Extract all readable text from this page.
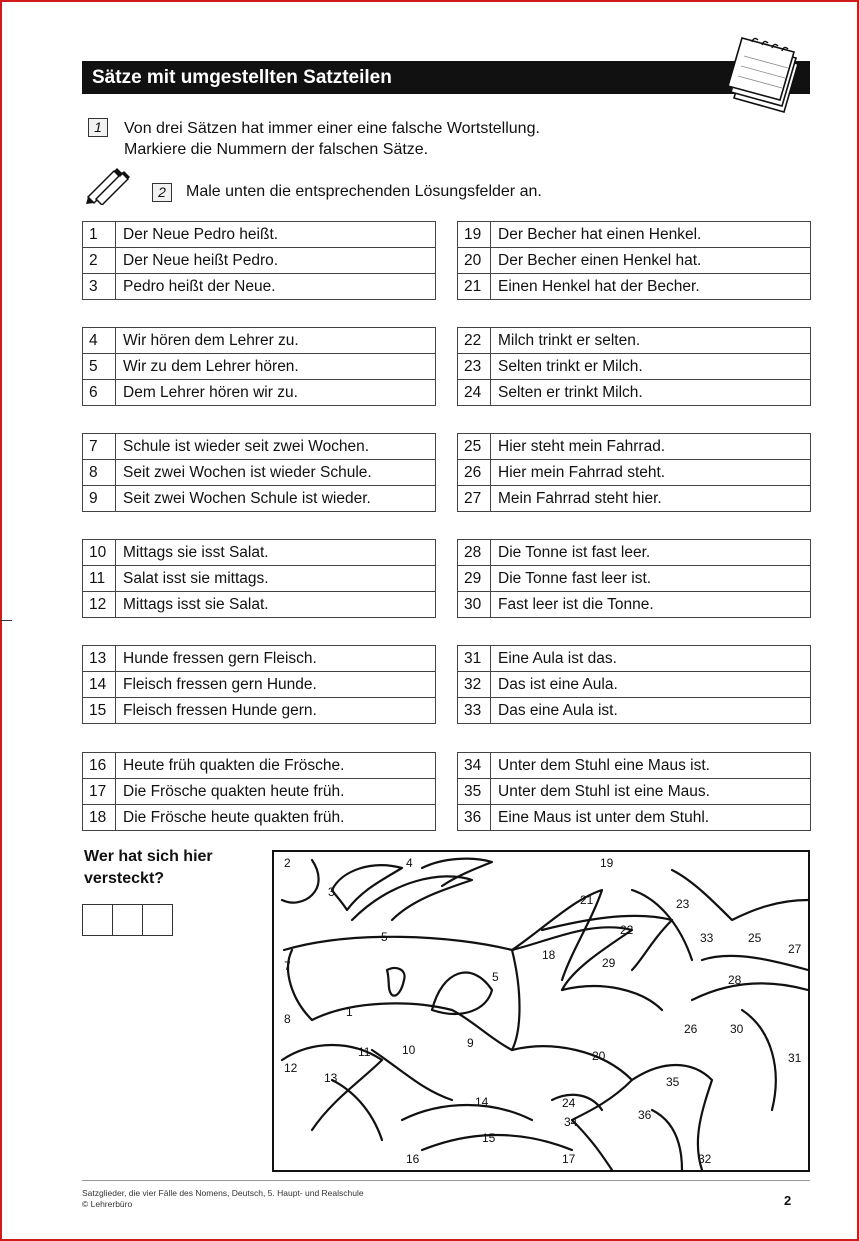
Sätze mit umgestellten Satzteilen
1	Von drei Sätzen hat immer einer eine falsche Wortstellung.
Markiere die Nummern der falschen Sätze.
2	Male unten die entsprechenden Lösungsfelder an.
1	Der Neue Pedro heißt.
2	Der Neue heißt Pedro.
3	Pedro heißt der Neue.
4	Wir hören dem Lehrer zu.
5	Wir zu dem Lehrer hören.
6	Dem Lehrer hören wir zu.
7	Schule ist wieder seit zwei Wochen.
8	Seit zwei Wochen ist wieder Schule.
9	Seit zwei Wochen Schule ist wieder.
10	Mittags sie isst Salat.
11	Salat isst sie mittags.
12	Mittags isst sie Salat.
13	Hunde fressen gern Fleisch.
14	Fleisch fressen gern Hunde.
15	Fleisch fressen Hunde gern.
16	Heute früh quakten die Frösche.
17	Die Frösche quakten heute früh.
18	Die Frösche heute quakten früh.
19	Der Becher hat einen Henkel.
20	Der Becher einen Henkel hat.
21	Einen Henkel hat der Becher.
22	Milch trinkt er selten.
23	Selten trinkt er Milch.
24	Selten er trinkt Milch.
25	Hier steht mein Fahrrad.
26	Hier mein Fahrrad steht.
27	Mein Fahrrad steht hier.
28	Die Tonne ist fast leer.
29	Die Tonne fast leer ist.
30	Fast leer ist die Tonne.
31	Eine Aula ist das.
32	Das ist eine Aula.
33	Das eine Aula ist.
34	Unter dem Stuhl eine Maus ist.
35	Unter dem Stuhl ist eine Maus.
36	Eine Maus ist unter dem Stuhl.
Wer hat sich hier
versteckt?
2	4
3
5
7
8	1
11	10
12
13
9
5
14
15
16
19
21	23
22
33	25
27
18
29
28
26	30
31
20
35
24
34	36
17	32
Satzglieder, die vier Fälle des Nomens, Deutsch, 5. Haupt- und Realschule
© Lehrerbüro	2
